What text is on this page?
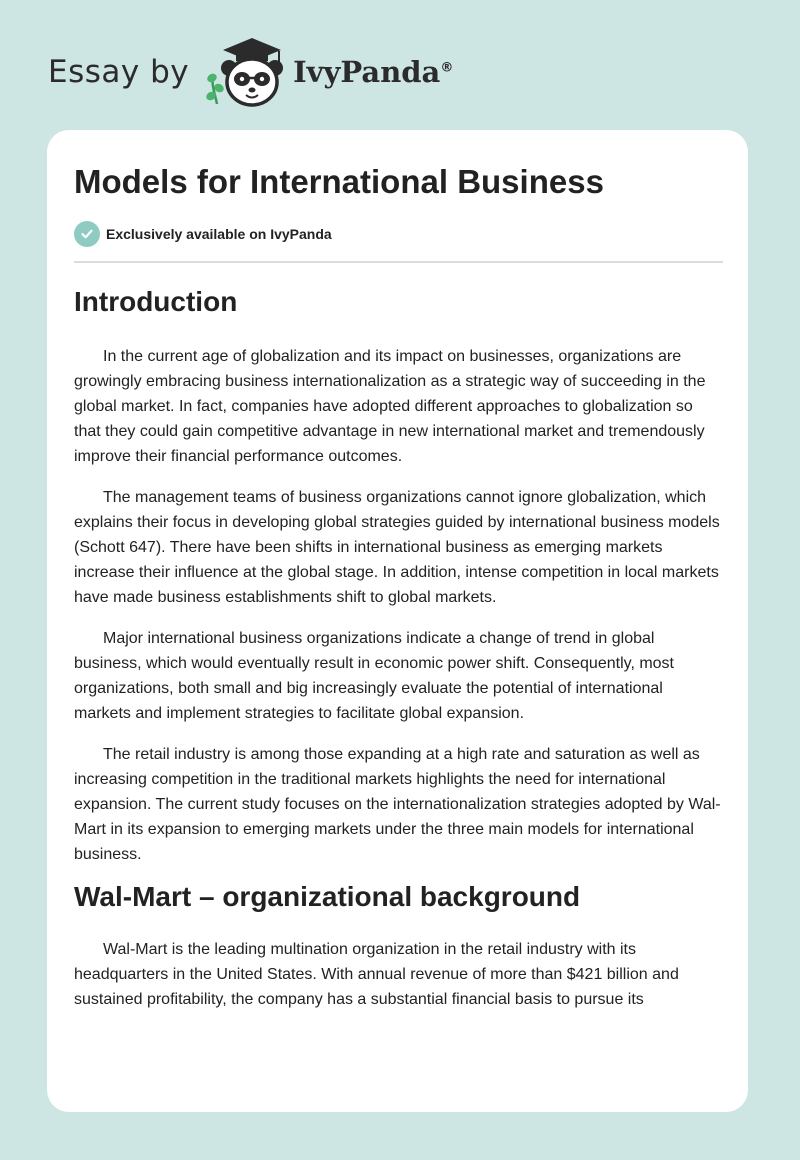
Essay by	IvyPanda®
Models for International Business
Exclusively available on IvyPanda
Introduction

In the current age of globalization and its impact on businesses, organizations are growingly embracing business internationalization as a strategic way of succeeding in the global market. In fact, companies have adopted different approaches to globalization so that they could gain competitive advantage in new international market and tremendously improve their financial performance outcomes.

The management teams of business organizations cannot ignore globalization, which explains their focus in developing global strategies guided by international business models (Schott 647). There have been shifts in international business as emerging markets increase their influence at the global stage. In addition, intense competition in local markets have made business establishments shift to global markets.

Major international business organizations indicate a change of trend in global business, which would eventually result in economic power shift. Consequently, most organizations, both small and big increasingly evaluate the potential of international markets and implement strategies to facilitate global expansion.

The retail industry is among those expanding at a high rate and saturation as well as increasing competition in the traditional markets highlights the need for international expansion. The current study focuses on the internationalization strategies adopted by Wal-Mart in its expansion to emerging markets under the three main models for international business.

Wal-Mart – organizational background

Wal-Mart is the leading multination organization in the retail industry with its headquarters in the United States. With annual revenue of more than $421 billion and sustained profitability, the company has a substantial financial basis to pursue its
